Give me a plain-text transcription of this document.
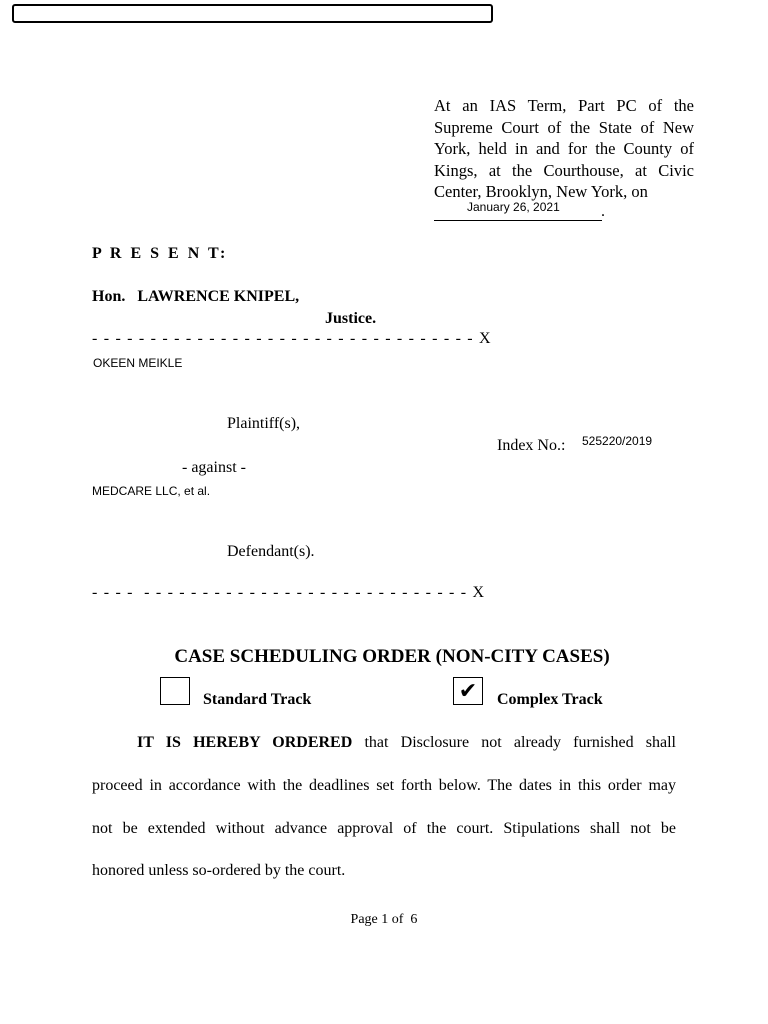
At an IAS Term, Part PC of the Supreme Court of the State of New York, held in and for the County of Kings, at the Courthouse, at Civic Center, Brooklyn, New York, on
January 26, 2021	.
P R E S E N T:
Hon.   LAWRENCE KNIPEL,
Justice.
- - - - - - - - - - - - - - - - - - - - - - - - - - - - - - - - - X
OKEEN MEIKLE
Plaintiff(s),
Index No.: 525220/2019
- against -
MEDCARE LLC, et al.
Defendant(s).
- - - -  - - - - - - - - - - - - - - - - - - - - - - - - - - - - X
CASE SCHEDULING ORDER (NON-CITY CASES)
Standard Track	✔	Complex Track
IT IS HEREBY ORDERED that Disclosure not already furnished shall
proceed in accordance with the deadlines set forth below. The dates in this order may
not be extended without advance approval of the court. Stipulations shall not be
honored unless so-ordered by the court.
Page 1 of  6
